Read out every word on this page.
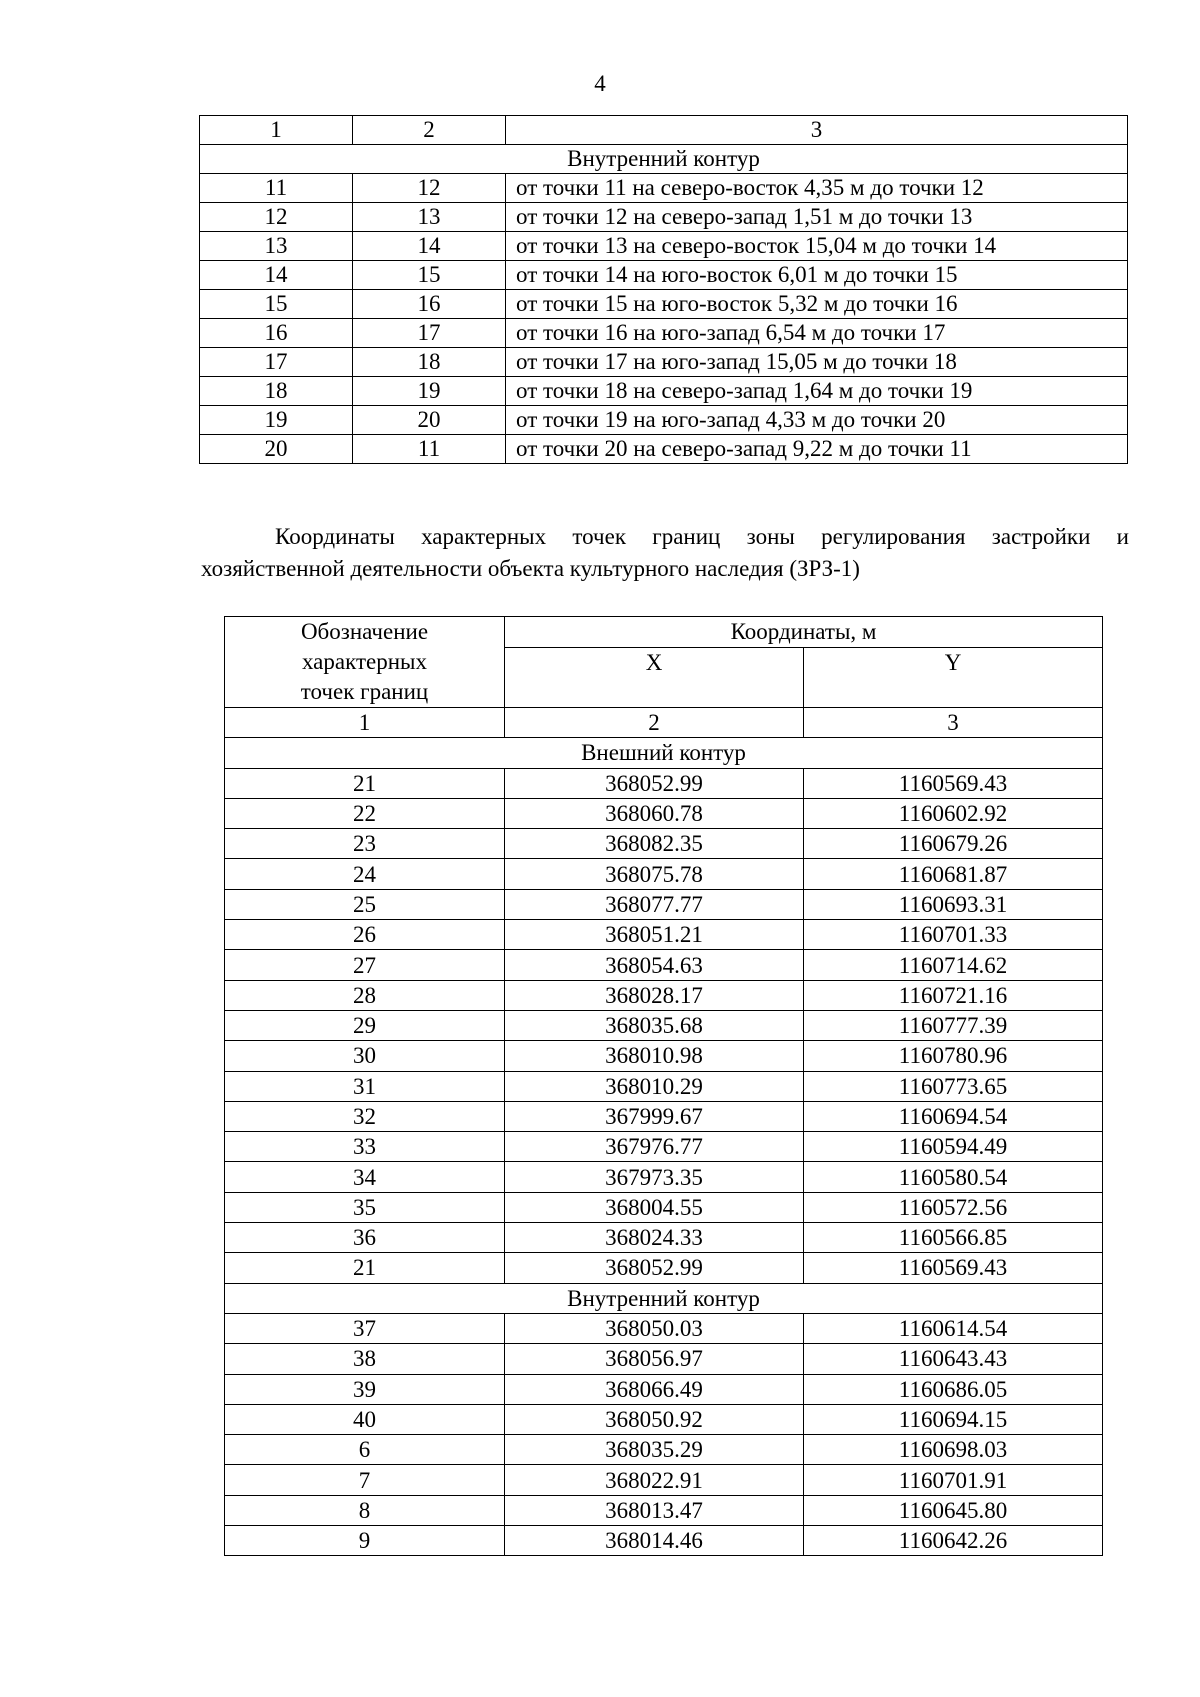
4
1	2	3
Внутренний контур		
11	12	от точки 11 на северо-восток 4,35 м до точки 12
12	13	от точки 12 на северо-запад 1,51 м до точки 13
13	14	от точки 13 на северо-восток 15,04 м до точки 14
14	15	от точки 14 на юго-восток 6,01 м до точки 15
15	16	от точки 15 на юго-восток 5,32 м до точки 16
16	17	от точки 16 на юго-запад 6,54 м до точки 17
17	18	от точки 17 на юго-запад 15,05 м до точки 18
18	19	от точки 18 на северо-запад 1,64 м до точки 19
19	20	от точки 19 на юго-запад 4,33 м до точки 20
20	11	от точки 20 на северо-запад 9,22 м до точки 11

Координаты характерных точек границ зоны регулирования застройки и

хозяйственной деятельности объекта культурного наследия (ЗРЗ-1)

Обозначение
характерных
точек границ	Координаты, м	
	X	Y
1	2	3
Внешний контур		
21	368052.99	1160569.43
22	368060.78	1160602.92
23	368082.35	1160679.26
24	368075.78	1160681.87
25	368077.77	1160693.31
26	368051.21	1160701.33
27	368054.63	1160714.62
28	368028.17	1160721.16
29	368035.68	1160777.39
30	368010.98	1160780.96
31	368010.29	1160773.65
32	367999.67	1160694.54
33	367976.77	1160594.49
34	367973.35	1160580.54
35	368004.55	1160572.56
36	368024.33	1160566.85
21	368052.99	1160569.43
Внутренний контур		
37	368050.03	1160614.54
38	368056.97	1160643.43
39	368066.49	1160686.05
40	368050.92	1160694.15
6	368035.29	1160698.03
7	368022.91	1160701.91
8	368013.47	1160645.80
9	368014.46	1160642.26
